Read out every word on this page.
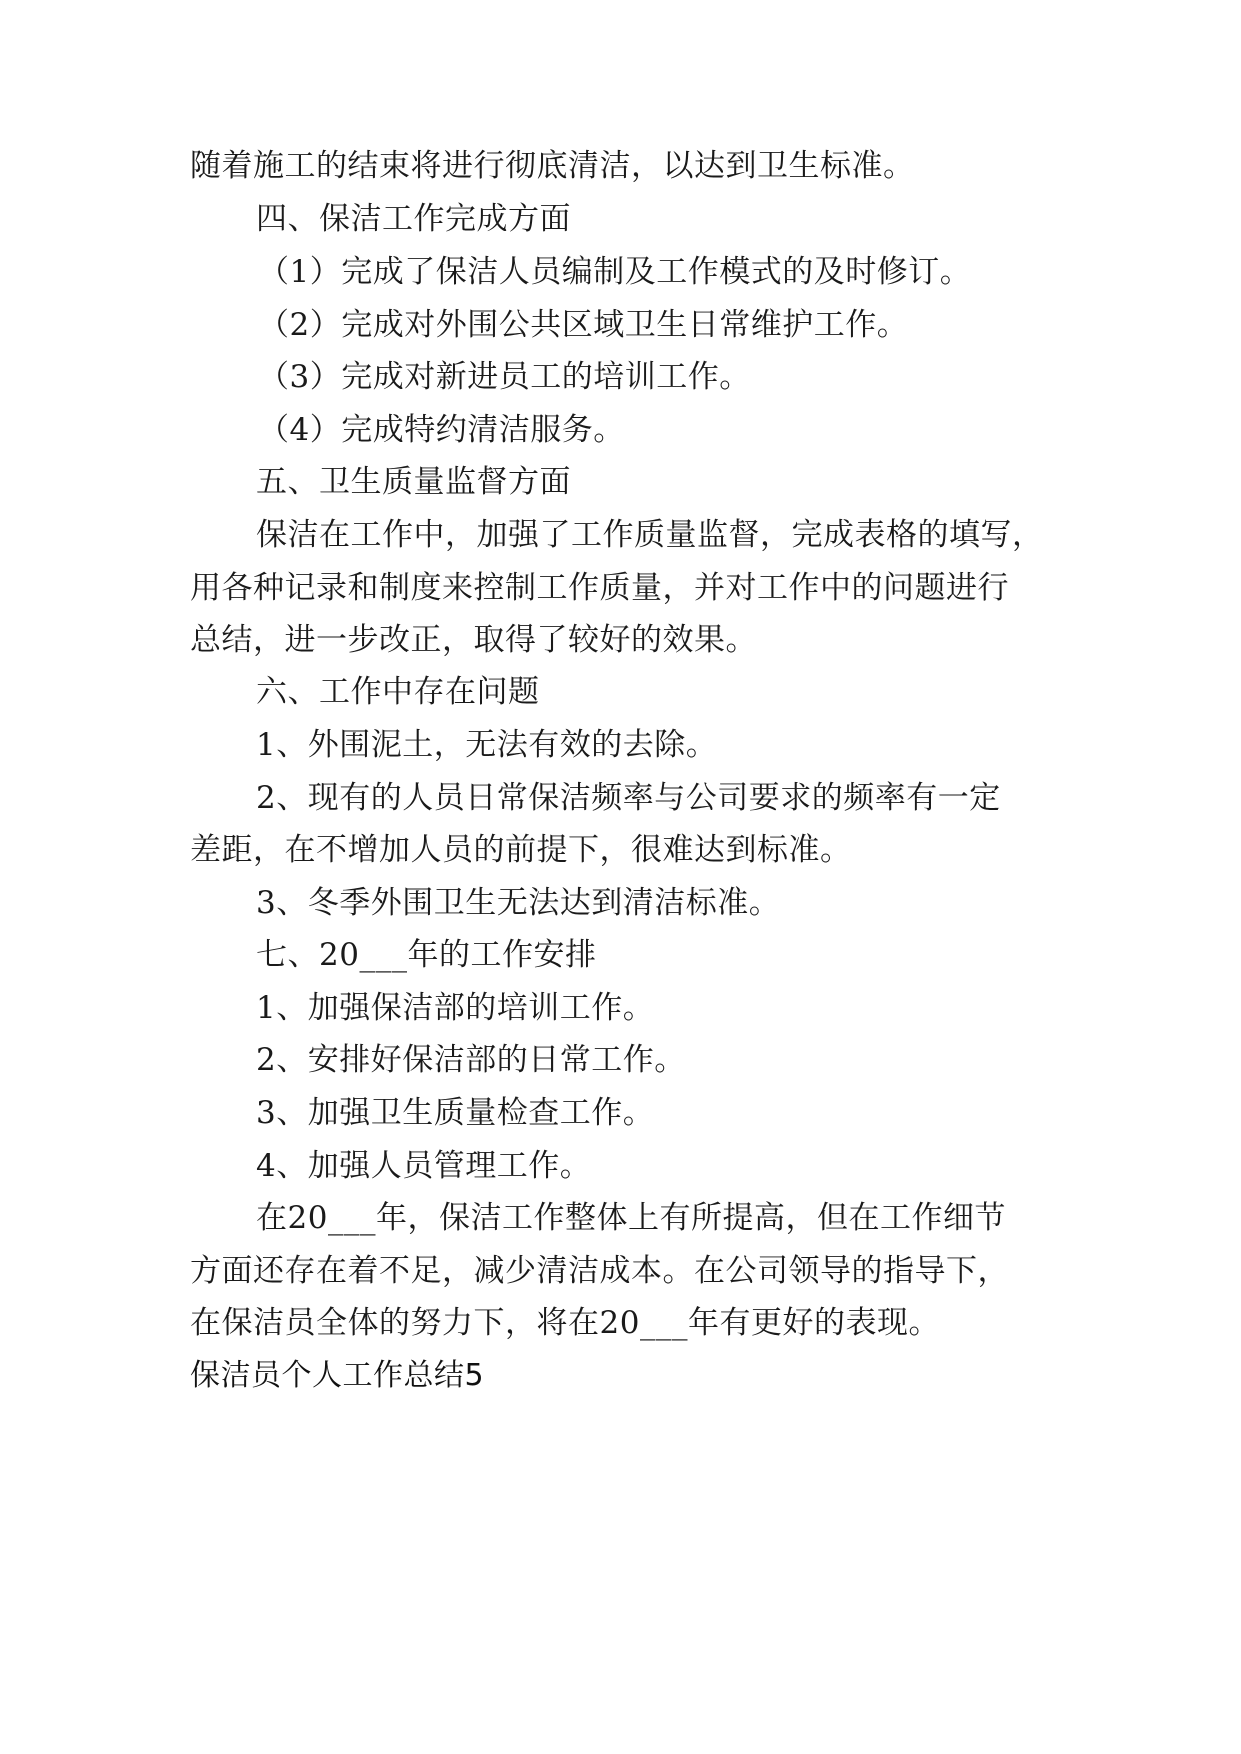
随着施工的结束将进行彻底清洁，以达到卫生标准。
四、保洁工作完成方面
（1）完成了保洁人员编制及工作模式的及时修订。
（2）完成对外围公共区域卫生日常维护工作。
（3）完成对新进员工的培训工作。
（4）完成特约清洁服务。
五、卫生质量监督方面
保洁在工作中，加强了工作质量监督，完成表格的填写，
用各种记录和制度来控制工作质量，并对工作中的问题进行
总结，进一步改正，取得了较好的效果。
六、工作中存在问题
1、外围泥土，无法有效的去除。
2、现有的人员日常保洁频率与公司要求的频率有一定
差距，在不增加人员的前提下，很难达到标准。
3、冬季外围卫生无法达到清洁标准。
七、20___年的工作安排
1、加强保洁部的培训工作。
2、安排好保洁部的日常工作。
3、加强卫生质量检查工作。
4、加强人员管理工作。
在20___年，保洁工作整体上有所提高，但在工作细节
方面还存在着不足，减少清洁成本。在公司领导的指导下，
在保洁员全体的努力下，将在20___年有更好的表现。
保洁员个人工作总结5
